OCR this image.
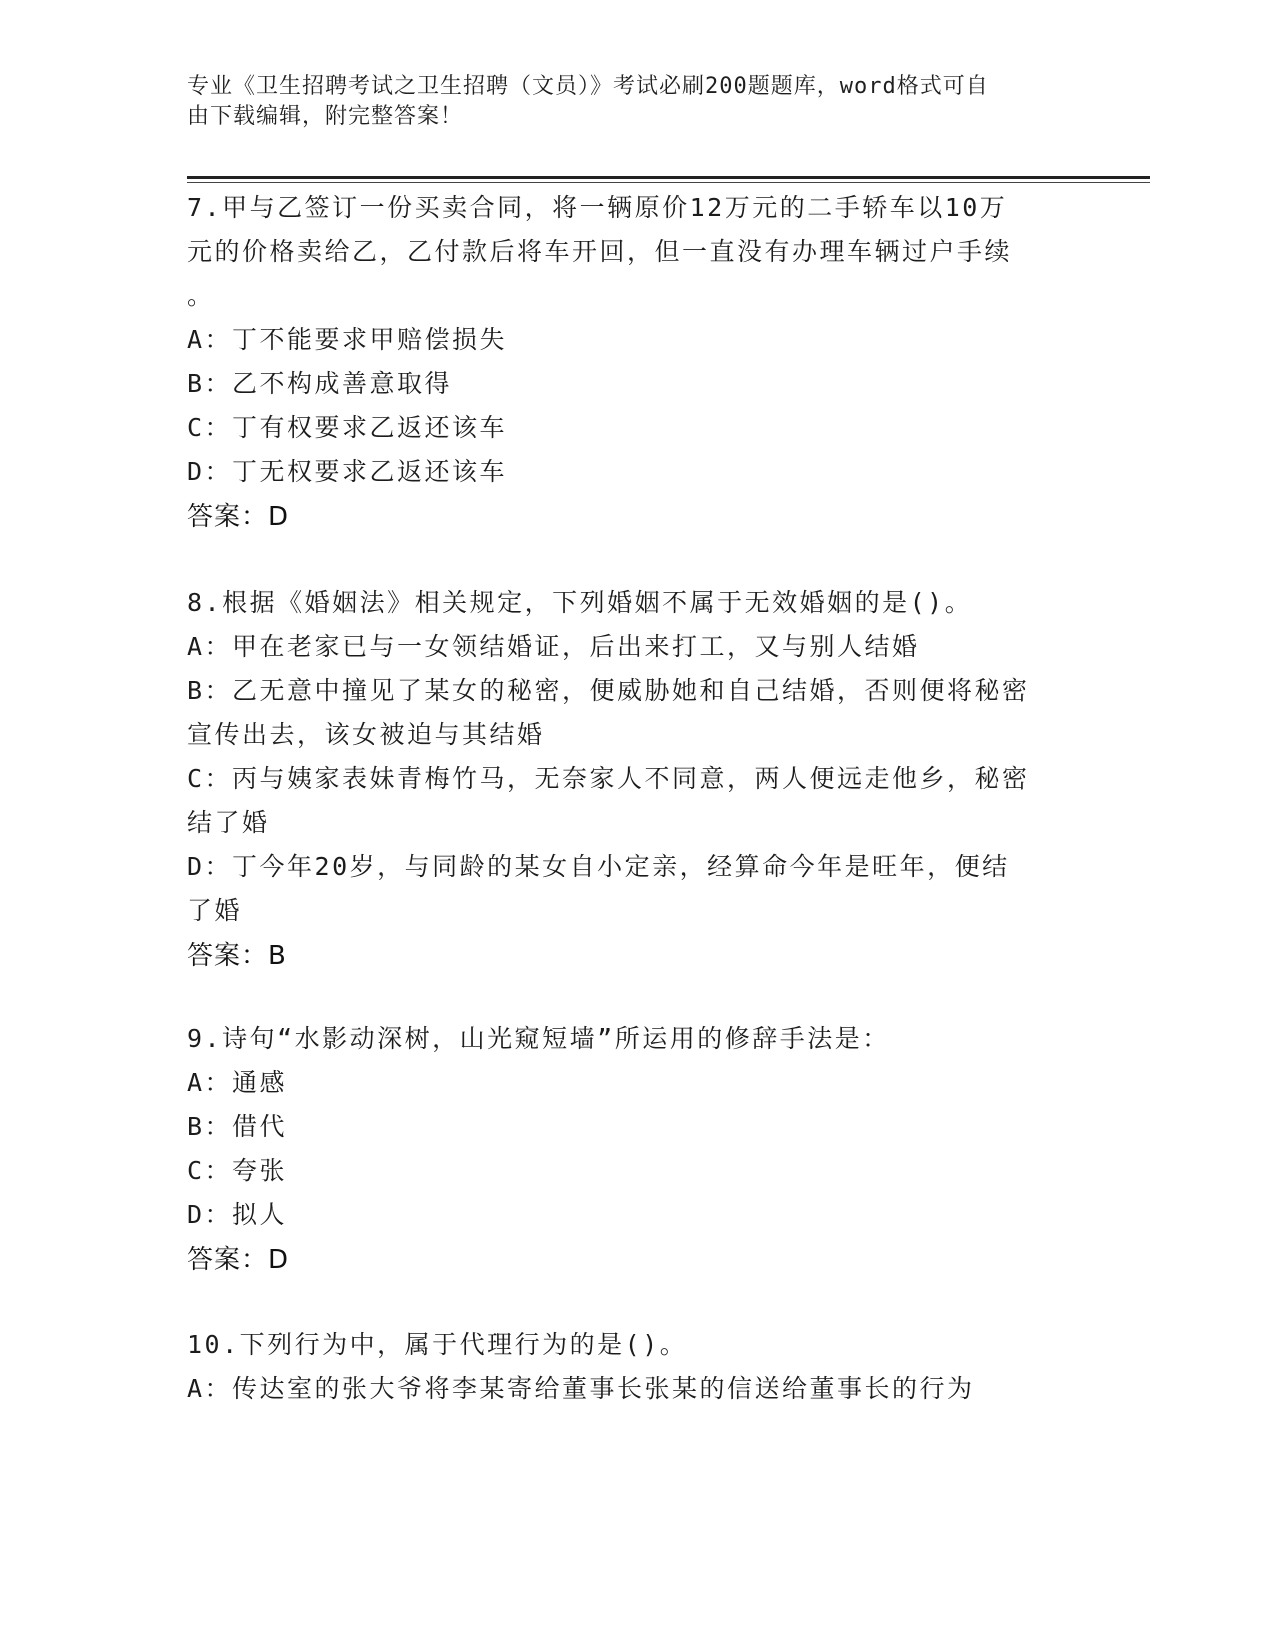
专业《卫生招聘考试之卫生招聘（文员）》考试必刷200题题库，word格式可自
由下载编辑，附完整答案！
7.甲与乙签订一份买卖合同，将一辆原价12万元的二手轿车以10万
元的价格卖给乙，乙付款后将车开回，但一直没有办理车辆过户手续
。
A：丁不能要求甲赔偿损失
B：乙不构成善意取得
C：丁有权要求乙返还该车
D：丁无权要求乙返还该车
答案：D
8.根据《婚姻法》相关规定，下列婚姻不属于无效婚姻的是()。
A：甲在老家已与一女领结婚证，后出来打工，又与别人结婚
B：乙无意中撞见了某女的秘密，便威胁她和自己结婚，否则便将秘密
宣传出去，该女被迫与其结婚
C：丙与姨家表妹青梅竹马，无奈家人不同意，两人便远走他乡，秘密
结了婚
D：丁今年20岁，与同龄的某女自小定亲，经算命今年是旺年，便结
了婚
答案：B
9.诗句“水影动深树，山光窥短墙”所运用的修辞手法是：
A：通感
B：借代
C：夸张
D：拟人
答案：D
10.下列行为中，属于代理行为的是()。
A：传达室的张大爷将李某寄给董事长张某的信送给董事长的行为
